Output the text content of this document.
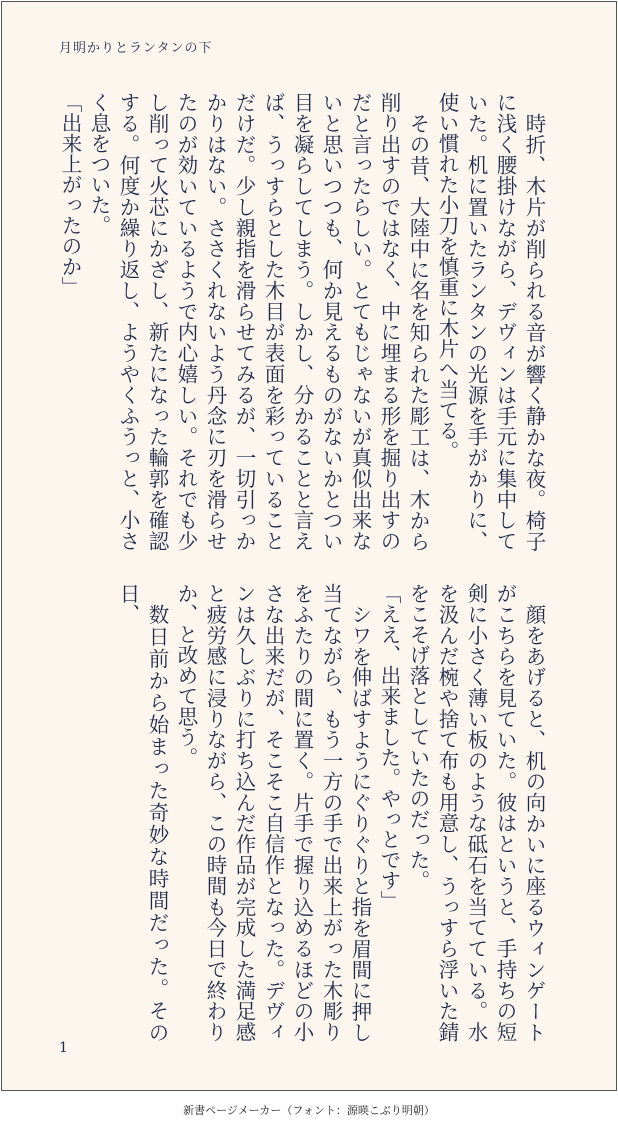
月明かりとランタンの下

時折、木片が削られる音が響く静かな夜。椅子に浅く腰掛けながら、デヴィンは手元に集中していた。机に置いたランタンの光源を手がかりに、使い慣れた小刀を慎重に木片へ当てる。

その昔、大陸中に名を知られた彫工は、木から削り出すのではなく、中に埋まる形を掘り出すのだと言ったらしい。とてもじゃないが真似出来ないと思いつつも、何か見えるものがないかとつい目を凝らしてしまう。しかし、分かることと言えば、うっすらとした木目が表面を彩っていることだけだ。少し親指を滑らせてみるが、一切引っかかりはない。ささくれないよう丹念に刃を滑らせたのが効いているようで内心嬉しい。それでも少し削って火芯にかざし、新たになった輪郭を確認する。何度か繰り返し、ようやくふうっと、小さく息をついた。

「出来上がったのか」

顔をあげると、机の向かいに座るウィンゲートがこちらを見ていた。彼はというと、手持ちの短剣に小さく薄い板のような砥石を当てている。水を汲んだ椀や捨て布も用意し、うっすら浮いた錆をこそげ落としていたのだった。

「ええ、出来ました。やっとです」

シワを伸ばすようにぐりぐりと指を眉間に押し当てながら、もう一方の手で出来上がった木彫りをふたりの間に置く。片手で握り込めるほどの小さな出来だが、そこそこ自信作となった。デヴィンは久しぶりに打ち込んだ作品が完成した満足感と疲労感に浸りながら、この時間も今日で終わりか、と改めて思う。

数日前から始まった奇妙な時間だった。その日、

1
新書ページメーカー（フォント：源暎こぶり明朝）
